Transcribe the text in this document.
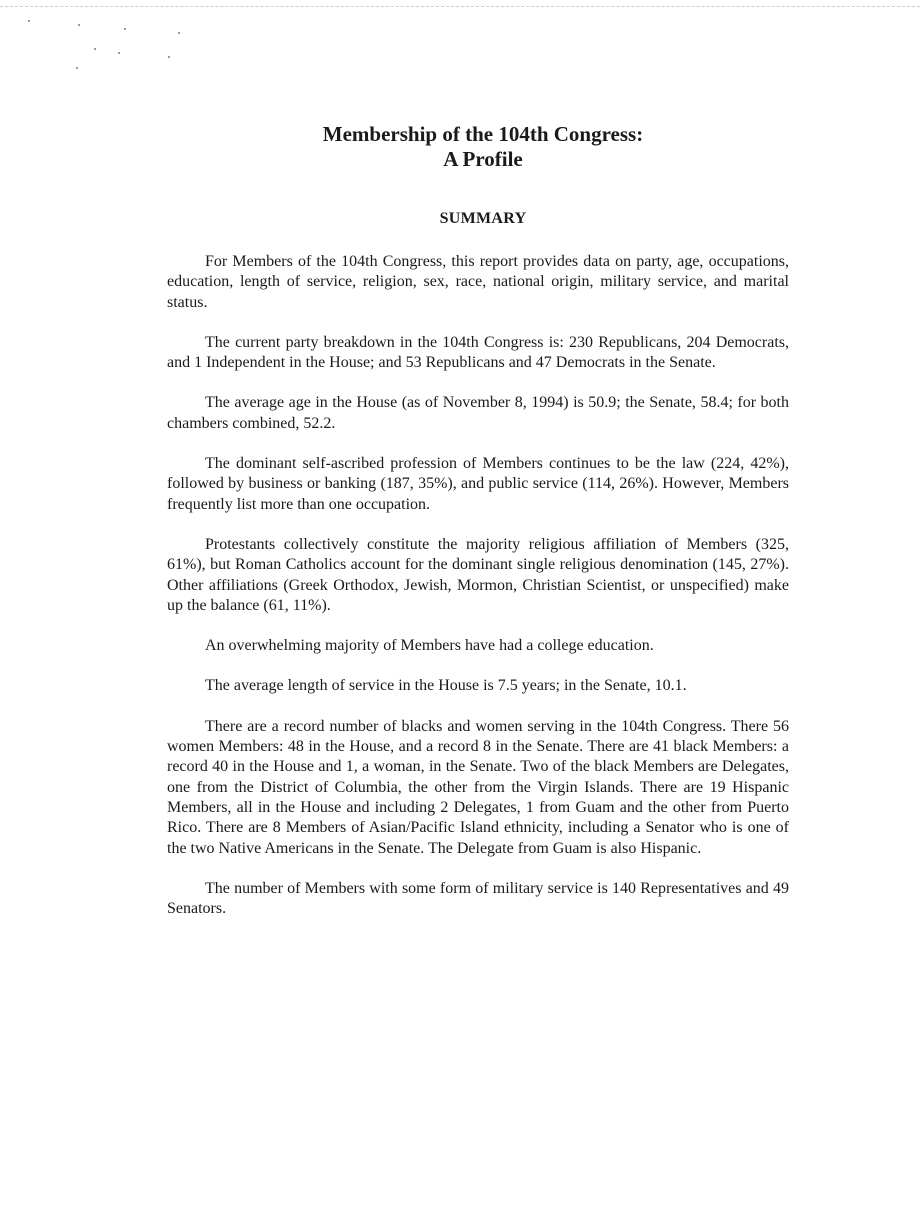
Membership of the 104th Congress:
A Profile
SUMMARY

For Members of the 104th Congress, this report provides data on party, age, occupations, education, length of service, religion, sex, race, national origin, military service, and marital status.

The current party breakdown in the 104th Congress is: 230 Republicans, 204 Democrats, and 1 Independent in the House; and 53 Republicans and 47 Democrats in the Senate.

The average age in the House (as of November 8, 1994) is 50.9; the Senate, 58.4; for both chambers combined, 52.2.

The dominant self-ascribed profession of Members continues to be the law (224, 42%), followed by business or banking (187, 35%), and public service (114, 26%). However, Members frequently list more than one occupation.

Protestants collectively constitute the majority religious affiliation of Members (325, 61%), but Roman Catholics account for the dominant single religious denomination (145, 27%). Other affiliations (Greek Orthodox, Jewish, Mormon, Christian Scientist, or unspecified) make up the balance (61, 11%).

An overwhelming majority of Members have had a college education.

The average length of service in the House is 7.5 years; in the Senate, 10.1.

There are a record number of blacks and women serving in the 104th Congress. There 56 women Members: 48 in the House, and a record 8 in the Senate. There are 41 black Members: a record 40 in the House and 1, a woman, in the Senate. Two of the black Members are Delegates, one from the District of Columbia, the other from the Virgin Islands. There are 19 Hispanic Members, all in the House and including 2 Delegates, 1 from Guam and the other from Puerto Rico. There are 8 Members of Asian/Pacific Island ethnicity, including a Senator who is one of the two Native Americans in the Senate. The Delegate from Guam is also Hispanic.

The number of Members with some form of military service is 140 Representatives and 49 Senators.
